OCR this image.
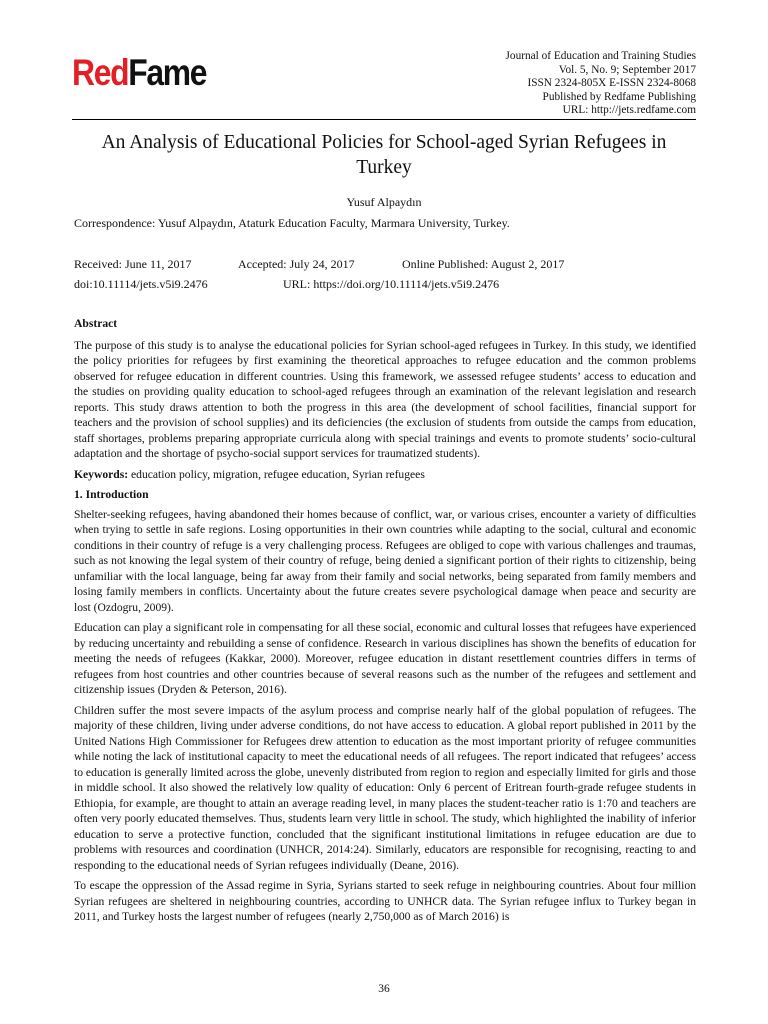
RedFame	Journal of Education and Training Studies
Vol. 5, No. 9; September 2017
ISSN 2324-805X E-ISSN 2324-8068
Published by Redfame Publishing
URL: http://jets.redfame.com
An Analysis of Educational Policies for School-aged Syrian Refugees in Turkey
Yusuf Alpaydın
Correspondence: Yusuf Alpaydın, Ataturk Education Faculty, Marmara University, Turkey.
Received: June 11, 2017	Accepted: July 24, 2017	Online Published: August 2, 2017
doi:10.11114/jets.v5i9.2476	URL: https://doi.org/10.11114/jets.v5i9.2476
Abstract

The purpose of this study is to analyse the educational policies for Syrian school-aged refugees in Turkey. In this study, we identified the policy priorities for refugees by first examining the theoretical approaches to refugee education and the common problems observed for refugee education in different countries. Using this framework, we assessed refugee students’ access to education and the studies on providing quality education to school-aged refugees through an examination of the relevant legislation and research reports. This study draws attention to both the progress in this area (the development of school facilities, financial support for teachers and the provision of school supplies) and its deficiencies (the exclusion of students from outside the camps from education, staff shortages, problems preparing appropriate curricula along with special trainings and events to promote students’ socio-cultural adaptation and the shortage of psycho-social support services for traumatized students).

Keywords: education policy, migration, refugee education, Syrian refugees

1. Introduction

Shelter-seeking refugees, having abandoned their homes because of conflict, war, or various crises, encounter a variety of difficulties when trying to settle in safe regions. Losing opportunities in their own countries while adapting to the social, cultural and economic conditions in their country of refuge is a very challenging process. Refugees are obliged to cope with various challenges and traumas, such as not knowing the legal system of their country of refuge, being denied a significant portion of their rights to citizenship, being unfamiliar with the local language, being far away from their family and social networks, being separated from family members and losing family members in conflicts. Uncertainty about the future creates severe psychological damage when peace and security are lost (Ozdogru, 2009).

Education can play a significant role in compensating for all these social, economic and cultural losses that refugees have experienced by reducing uncertainty and rebuilding a sense of confidence. Research in various disciplines has shown the benefits of education for meeting the needs of refugees (Kakkar, 2000). Moreover, refugee education in distant resettlement countries differs in terms of refugees from host countries and other countries because of several reasons such as the number of the refugees and settlement and citizenship issues (Dryden & Peterson, 2016).

Children suffer the most severe impacts of the asylum process and comprise nearly half of the global population of refugees. The majority of these children, living under adverse conditions, do not have access to education. A global report published in 2011 by the United Nations High Commissioner for Refugees drew attention to education as the most important priority of refugee communities while noting the lack of institutional capacity to meet the educational needs of all refugees. The report indicated that refugees’ access to education is generally limited across the globe, unevenly distributed from region to region and especially limited for girls and those in middle school. It also showed the relatively low quality of education: Only 6 percent of Eritrean fourth-grade refugee students in Ethiopia, for example, are thought to attain an average reading level, in many places the student-teacher ratio is 1:70 and teachers are often very poorly educated themselves. Thus, students learn very little in school. The study, which highlighted the inability of inferior education to serve a protective function, concluded that the significant institutional limitations in refugee education are due to problems with resources and coordination (UNHCR, 2014:24). Similarly, educators are responsible for recognising, reacting to and responding to the educational needs of Syrian refugees individually (Deane, 2016).

To escape the oppression of the Assad regime in Syria, Syrians started to seek refuge in neighbouring countries. About four million Syrian refugees are sheltered in neighbouring countries, according to UNHCR data. The Syrian refugee influx to Turkey began in 2011, and Turkey hosts the largest number of refugees (nearly 2,750,000 as of March 2016) is

36
